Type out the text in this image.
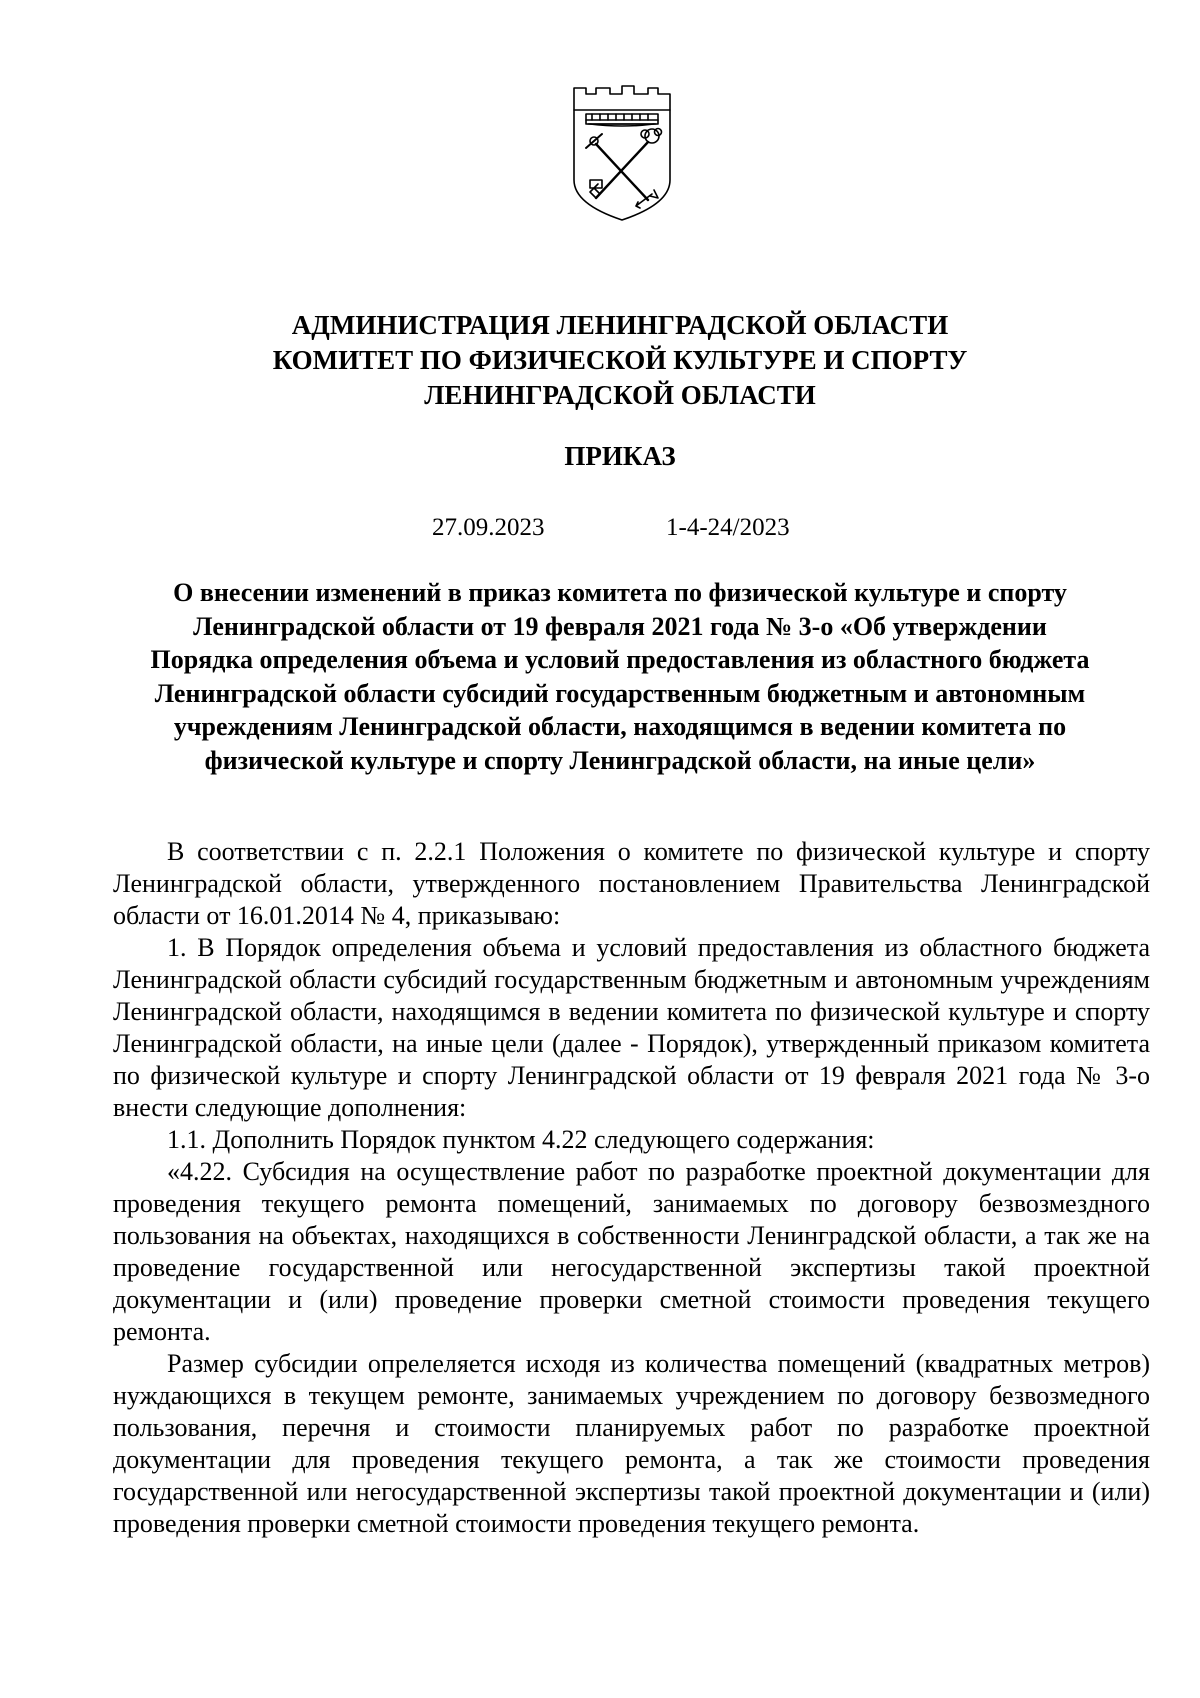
АДМИНИСТРАЦИЯ ЛЕНИНГРАДСКОЙ ОБЛАСТИ
КОМИТЕТ ПО ФИЗИЧЕСКОЙ КУЛЬТУРЕ И СПОРТУ
ЛЕНИНГРАДСКОЙ ОБЛАСТИ
ПРИКАЗ
27.09.2023	1-4-24/2023
О внесении изменений в приказ комитета по физической культуре и спорту
Ленинградской области от 19 февраля 2021 года № 3-о «Об утверждении
Порядка определения объема и условий предоставления из областного бюджета
Ленинградской области субсидий государственным бюджетным и автономным
учреждениям Ленинградской области, находящимся в ведении комитета по
физической культуре и спорту Ленинградской области, на иные цели»

В соответствии с п. 2.2.1 Положения о комитете по физической культуре и спорту Ленинградской области, утвержденного постановлением Правительства Ленинградской области от 16.01.2014 № 4, приказываю:

1. В Порядок определения объема и условий предоставления из областного бюджета Ленинградской области субсидий государственным бюджетным и автономным учреждениям Ленинградской области, находящимся в ведении комитета по физической культуре и спорту Ленинградской области, на иные цели (далее - Порядок), утвержденный приказом комитета по физической культуре и спорту Ленинградской области от 19 февраля 2021 года № 3-о внести следующие дополнения:

1.1. Дополнить Порядок пунктом 4.22 следующего содержания:

«4.22. Субсидия на осуществление работ по разработке проектной документации для проведения текущего ремонта помещений, занимаемых по договору безвозмездного пользования на объектах, находящихся в собственности Ленинградской области, а так же на проведение государственной или негосударственной экспертизы такой проектной документации и (или) проведение проверки сметной стоимости проведения текущего ремонта.

Размер субсидии опрелеляется исходя из количества помещений (квадратных метров) нуждающихся в текущем ремонте, занимаемых учреждением по договору безвозмедного пользования, перечня и стоимости планируемых работ по разработке проектной документации для проведения текущего ремонта, а так же стоимости проведения государственной или негосударственной экспертизы такой проектной документации и (или) проведения проверки сметной стоимости проведения текущего ремонта.
